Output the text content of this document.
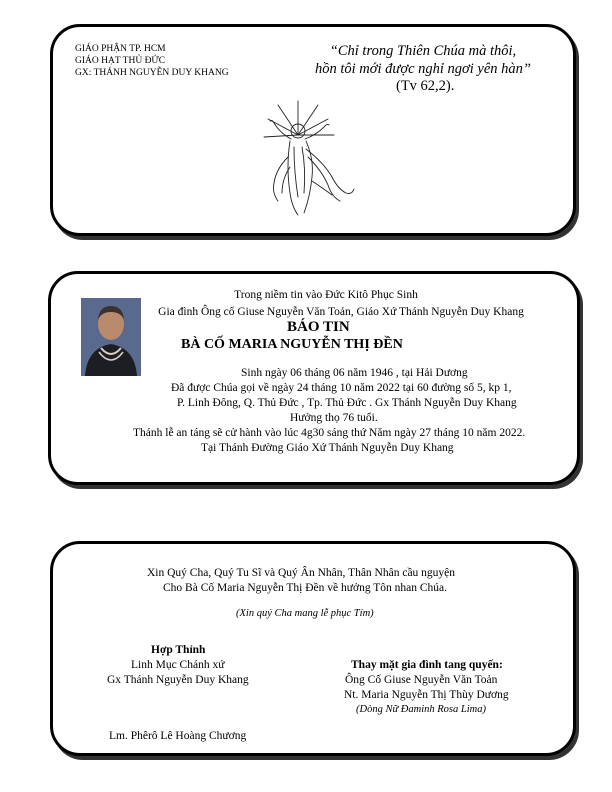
GIÁO PHẬN TP. HCM
GIÁO HẠT THỦ ĐỨC
GX: THÁNH NGUYỄN DUY KHANG
“Chỉ trong Thiên Chúa mà thôi,
hồn tôi mới được nghỉ ngơi yên hàn”
(Tv 62,2).
Trong niềm tin vào Đức Kitô Phục Sinh
Gia đình Ông cố Giuse Nguyễn Văn Toản, Giáo Xứ Thánh Nguyễn Duy Khang
BÁO TIN
BÀ CỐ MARIA NGUYỄN THỊ ĐỀN
Sinh ngày 06 tháng 06 năm 1946 , tại Hải Dương
Đã được Chúa gọi về ngày 24 tháng 10 năm 2022 tại 60 đường số 5, kp 1,
P. Linh Đông, Q. Thủ Đức , Tp. Thủ Đức . Gx Thánh Nguyễn Duy Khang
Hưởng thọ 76 tuổi.
Thánh lễ an táng sẽ cử hành vào lúc 4g30 sáng thứ Năm ngày 27 tháng 10 năm 2022.
Tại Thánh Đường Giáo Xứ Thánh Nguyễn Duy Khang
Xin Quý Cha, Quý Tu Sĩ và Quý Ân Nhân, Thân Nhân cầu nguyện
Cho Bà Cố Maria Nguyễn Thị Đền về hưởng Tôn nhan Chúa.
(Xin quý Cha mang lễ phục Tím)
Hợp Thỉnh
Linh Mục Chánh xứ
Gx Thánh Nguyễn Duy Khang
Lm. Phêrô Lê Hoàng Chương
Thay mặt gia đình tang quyến:
Ông Cố Giuse Nguyễn Văn Toản
Nt. Maria Nguyễn Thị Thùy Dương
(Dòng Nữ Đaminh Rosa Lima)
